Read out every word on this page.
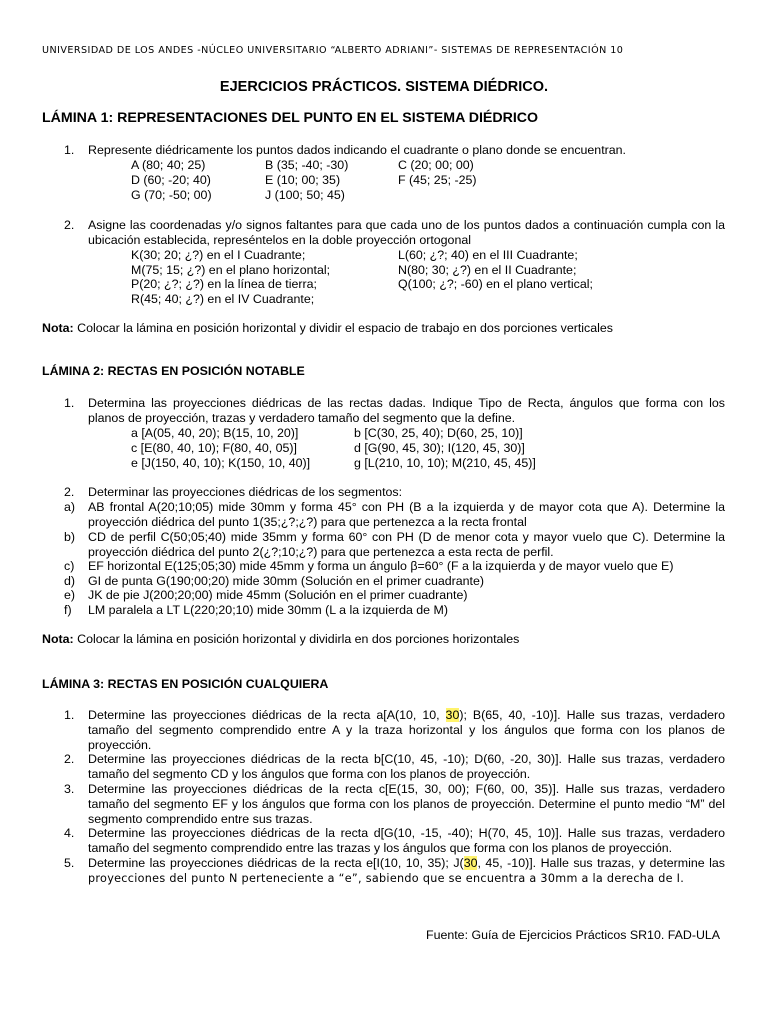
UNIVERSIDAD DE LOS ANDES -NÚCLEO UNIVERSITARIO “ALBERTO ADRIANI”- SISTEMAS DE REPRESENTACIÓN 10
EJERCICIOS PRÁCTICOS. SISTEMA DIÉDRICO.
LÁMINA 1: REPRESENTACIONES DEL PUNTO EN EL SISTEMA DIÉDRICO
1. Represente diédricamente los puntos dados indicando el cuadrante o plano donde se encuentran.
A (80; 40; 25)	B (35; -40; -30)	C (20; 00; 00)
D (60; -20; 40)	E (10; 00; 35)	F (45; 25; -25)
G (70; -50; 00)	J (100; 50; 45)
2. Asigne las coordenadas y/o signos faltantes para que cada uno de los puntos dados a continuación cumpla con la
ubicación establecida, represéntelos en la doble proyección ortogonal
K(30; 20; ¿?) en el I Cuadrante;	L(60; ¿?; 40) en el III Cuadrante;
M(75; 15; ¿?) en el plano horizontal;	N(80; 30; ¿?) en el II Cuadrante;
P(20; ¿?; ¿?) en la línea de tierra;	Q(100; ¿?; -60) en el plano vertical;
R(45; 40; ¿?) en el IV Cuadrante;
Nota: Colocar la lámina en posición horizontal y dividir el espacio de trabajo en dos porciones verticales
LÁMINA 2: RECTAS EN POSICIÓN NOTABLE
1. Determina las proyecciones diédricas de las rectas dadas. Indique Tipo de Recta, ángulos que forma con los
planos de proyección, trazas y verdadero tamaño del segmento que la define.
a [A(05, 40, 20); B(15, 10, 20)]	b [C(30, 25, 40); D(60, 25, 10)]
c [E(80, 40, 10); F(80, 40, 05)]	d [G(90, 45, 30); I(120, 45, 30)]
e [J(150, 40, 10); K(150, 10, 40)]	g [L(210, 10, 10); M(210, 45, 45)]
2. Determinar las proyecciones diédricas de los segmentos:
a) AB frontal A(20;10;05) mide 30mm y forma 45° con PH (B a la izquierda y de mayor cota que A). Determine la
proyección diédrica del punto 1(35;¿?;¿?) para que pertenezca a la recta frontal
b) CD de perfil C(50;05;40) mide 35mm y forma 60° con PH (D de menor cota y mayor vuelo que C). Determine la
proyección diédrica del punto 2(¿?;10;¿?) para que pertenezca a esta recta de perfil.
c) EF horizontal E(125;05;30) mide 45mm y forma un ángulo β=60° (F a la izquierda y de mayor vuelo que E)
d) GI de punta G(190;00;20) mide 30mm (Solución en el primer cuadrante)
e) JK de pie J(200;20;00) mide 45mm (Solución en el primer cuadrante)
f) LM paralela a LT L(220;20;10) mide 30mm (L a la izquierda de M)
Nota: Colocar la lámina en posición horizontal y dividirla en dos porciones horizontales
LÁMINA 3: RECTAS EN POSICIÓN CUALQUIERA
1. Determine las proyecciones diédricas de la recta a[A(10, 10, 30); B(65, 40, -10)]. Halle sus trazas, verdadero
tamaño del segmento comprendido entre A y la traza horizontal y los ángulos que forma con los planos de
proyección.
2. Determine las proyecciones diédricas de la recta b[C(10, 45, -10); D(60, -20, 30)]. Halle sus trazas, verdadero
tamaño del segmento CD y los ángulos que forma con los planos de proyección.
3. Determine las proyecciones diédricas de la recta c[E(15, 30, 00); F(60, 00, 35)]. Halle sus trazas, verdadero
tamaño del segmento EF y los ángulos que forma con los planos de proyección. Determine el punto medio “M” del
segmento comprendido entre sus trazas.
4. Determine las proyecciones diédricas de la recta d[G(10, -15, -40); H(70, 45, 10)]. Halle sus trazas, verdadero
tamaño del segmento comprendido entre las trazas y los ángulos que forma con los planos de proyección.
5. Determine las proyecciones diédricas de la recta e[I(10, 10, 35); J(30, 45, -10)]. Halle sus trazas, y determine las
proyecciones del punto N perteneciente a “e”, sabiendo que se encuentra a 30mm a la derecha de I.
Fuente: Guía de Ejercicios Prácticos SR10. FAD-ULA
